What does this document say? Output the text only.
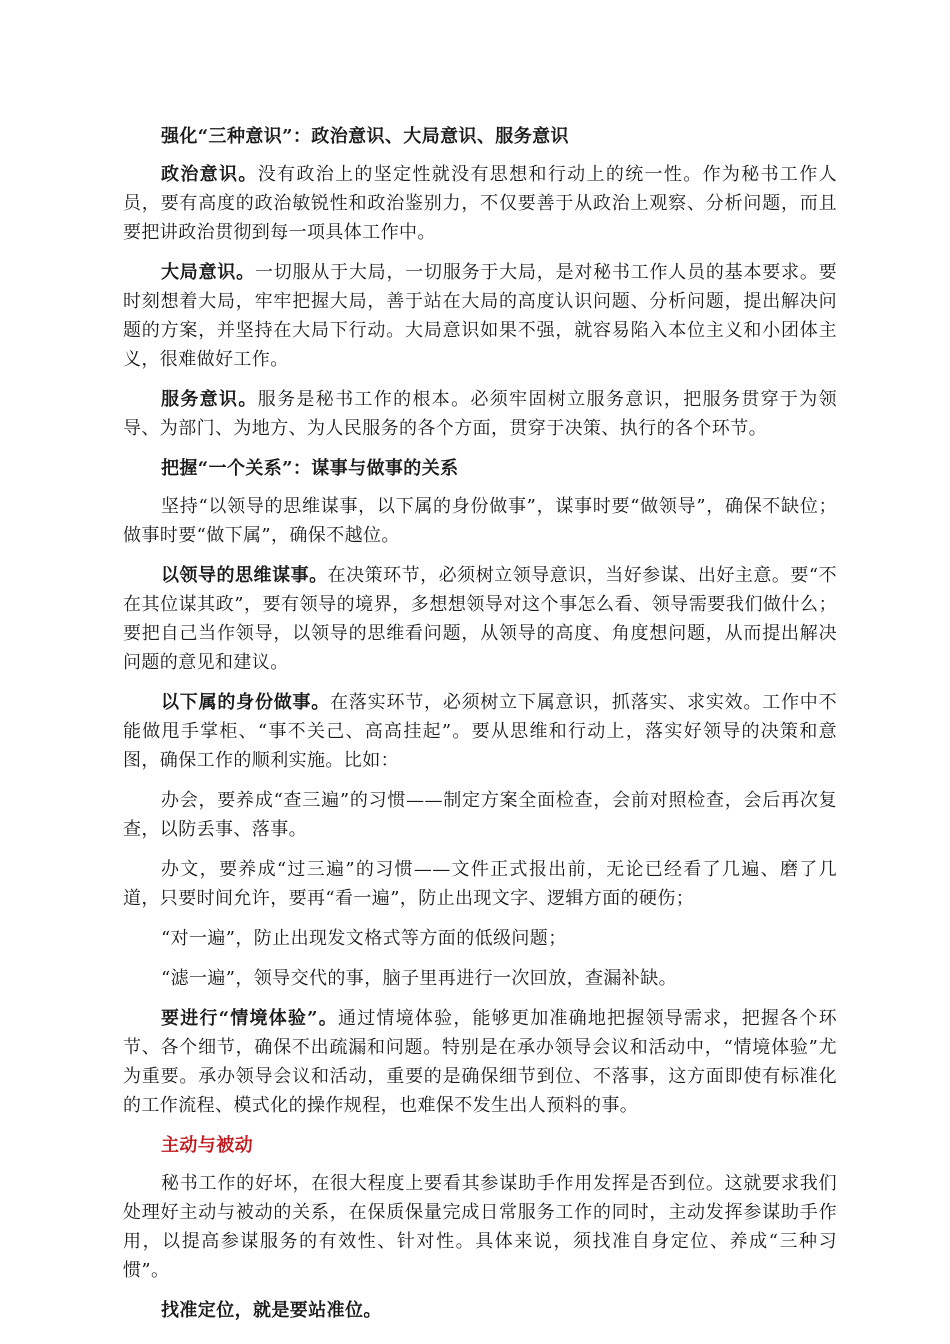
强化“三种意识”：政治意识、大局意识、服务意识

政治意识。没有政治上的坚定性就没有思想和行动上的统一性。作为秘书工作人员，要有高度的政治敏锐性和政治鉴别力，不仅要善于从政治上观察、分析问题，而且要把讲政治贯彻到每一项具体工作中。

大局意识。一切服从于大局，一切服务于大局，是对秘书工作人员的基本要求。要时刻想着大局，牢牢把握大局，善于站在大局的高度认识问题、分析问题，提出解决问题的方案，并坚持在大局下行动。大局意识如果不强，就容易陷入本位主义和小团体主义，很难做好工作。

服务意识。服务是秘书工作的根本。必须牢固树立服务意识，把服务贯穿于为领导、为部门、为地方、为人民服务的各个方面，贯穿于决策、执行的各个环节。

把握“一个关系”：谋事与做事的关系

坚持“以领导的思维谋事，以下属的身份做事”，谋事时要“做领导”，确保不缺位；做事时要“做下属”，确保不越位。

以领导的思维谋事。在决策环节，必须树立领导意识，当好参谋、出好主意。要“不在其位谋其政”，要有领导的境界，多想想领导对这个事怎么看、领导需要我们做什么；要把自己当作领导，以领导的思维看问题，从领导的高度、角度想问题，从而提出解决问题的意见和建议。

以下属的身份做事。在落实环节，必须树立下属意识，抓落实、求实效。工作中不能做甩手掌柜、“事不关己、高高挂起”。要从思维和行动上，落实好领导的决策和意图，确保工作的顺利实施。比如：

办会，要养成“查三遍”的习惯——制定方案全面检查，会前对照检查，会后再次复查，以防丢事、落事。

办文，要养成“过三遍”的习惯——文件正式报出前，无论已经看了几遍、磨了几道，只要时间允许，要再“看一遍”，防止出现文字、逻辑方面的硬伤；

“对一遍”，防止出现发文格式等方面的低级问题；

“滤一遍”，领导交代的事，脑子里再进行一次回放，查漏补缺。

要进行“情境体验”。通过情境体验，能够更加准确地把握领导需求，把握各个环节、各个细节，确保不出疏漏和问题。特别是在承办领导会议和活动中，“情境体验”尤为重要。承办领导会议和活动，重要的是确保细节到位、不落事，这方面即使有标准化的工作流程、模式化的操作规程，也难保不发生出人预料的事。

主动与被动

秘书工作的好坏，在很大程度上要看其参谋助手作用发挥是否到位。这就要求我们处理好主动与被动的关系，在保质保量完成日常服务工作的同时，主动发挥参谋助手作用，以提高参谋服务的有效性、针对性。具体来说，须找准自身定位、养成“三种习惯”。

找准定位，就是要站准位。
